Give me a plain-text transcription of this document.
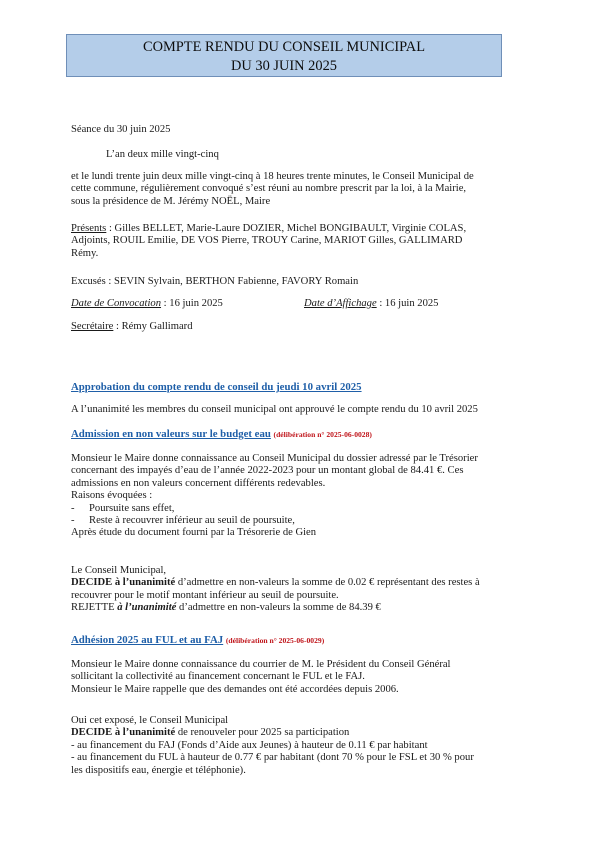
COMPTE RENDU DU CONSEIL MUNICIPAL
DU 30 JUIN 2025
Séance du 30 juin 2025
L’an deux mille vingt-cinq
et le lundi trente juin deux mille vingt-cinq à 18 heures trente minutes, le Conseil Municipal de
cette commune, régulièrement convoqué s’est réuni au nombre prescrit par la loi, à la Mairie,
sous la présidence de M. Jérémy NOËL, Maire
Présents : Gilles BELLET, Marie-Laure DOZIER, Michel BONGIBAULT, Virginie COLAS,
Adjoints, ROUIL Emilie, DE VOS Pierre, TROUY Carine, MARIOT Gilles, GALLIMARD
Rémy.
Excusés : SEVIN Sylvain, BERTHON Fabienne, FAVORY Romain
Date de Convocation : 16 juin 2025	Date d’Affichage : 16 juin 2025
Secrétaire : Rémy Gallimard
Approbation du compte rendu de conseil du jeudi 10 avril 2025
A l’unanimité les membres du conseil municipal ont approuvé le compte rendu du 10 avril 2025
Admission en non valeurs sur le budget eau (délibération n° 2025-06-0028)
Monsieur le Maire donne connaissance au Conseil Municipal du dossier adressé par le Trésorier
concernant des impayés d’eau de l’année 2022-2023 pour un montant global de 84.41 €. Ces
admissions en non valeurs concernent différents redevables.
Raisons évoquées :
- Poursuite sans effet,
- Reste à recouvrer inférieur au seuil de poursuite,
Après étude du document fourni par la Trésorerie de Gien
Le Conseil Municipal,
DECIDE à l’unanimité d’admettre en non-valeurs la somme de 0.02 € représentant des restes à
recouvrer pour le motif montant inférieur au seuil de poursuite.
REJETTE à l’unanimité d’admettre en non-valeurs la somme de 84.39 €
Adhésion 2025 au FUL et au FAJ (délibération n° 2025-06-0029)
Monsieur le Maire donne connaissance du courrier de M. le Président du Conseil Général
sollicitant la collectivité au financement concernant le FUL et le FAJ.
Monsieur le Maire rappelle que des demandes ont été accordées depuis 2006.
Oui cet exposé, le Conseil Municipal
DECIDE à l’unanimité de renouveler pour 2025 sa participation
- au financement du FAJ (Fonds d’Aide aux Jeunes) à hauteur de 0.11 € par habitant
- au financement du FUL à hauteur de 0.77 € par habitant (dont 70 % pour le FSL et 30 % pour
les dispositifs eau, énergie et téléphonie).
